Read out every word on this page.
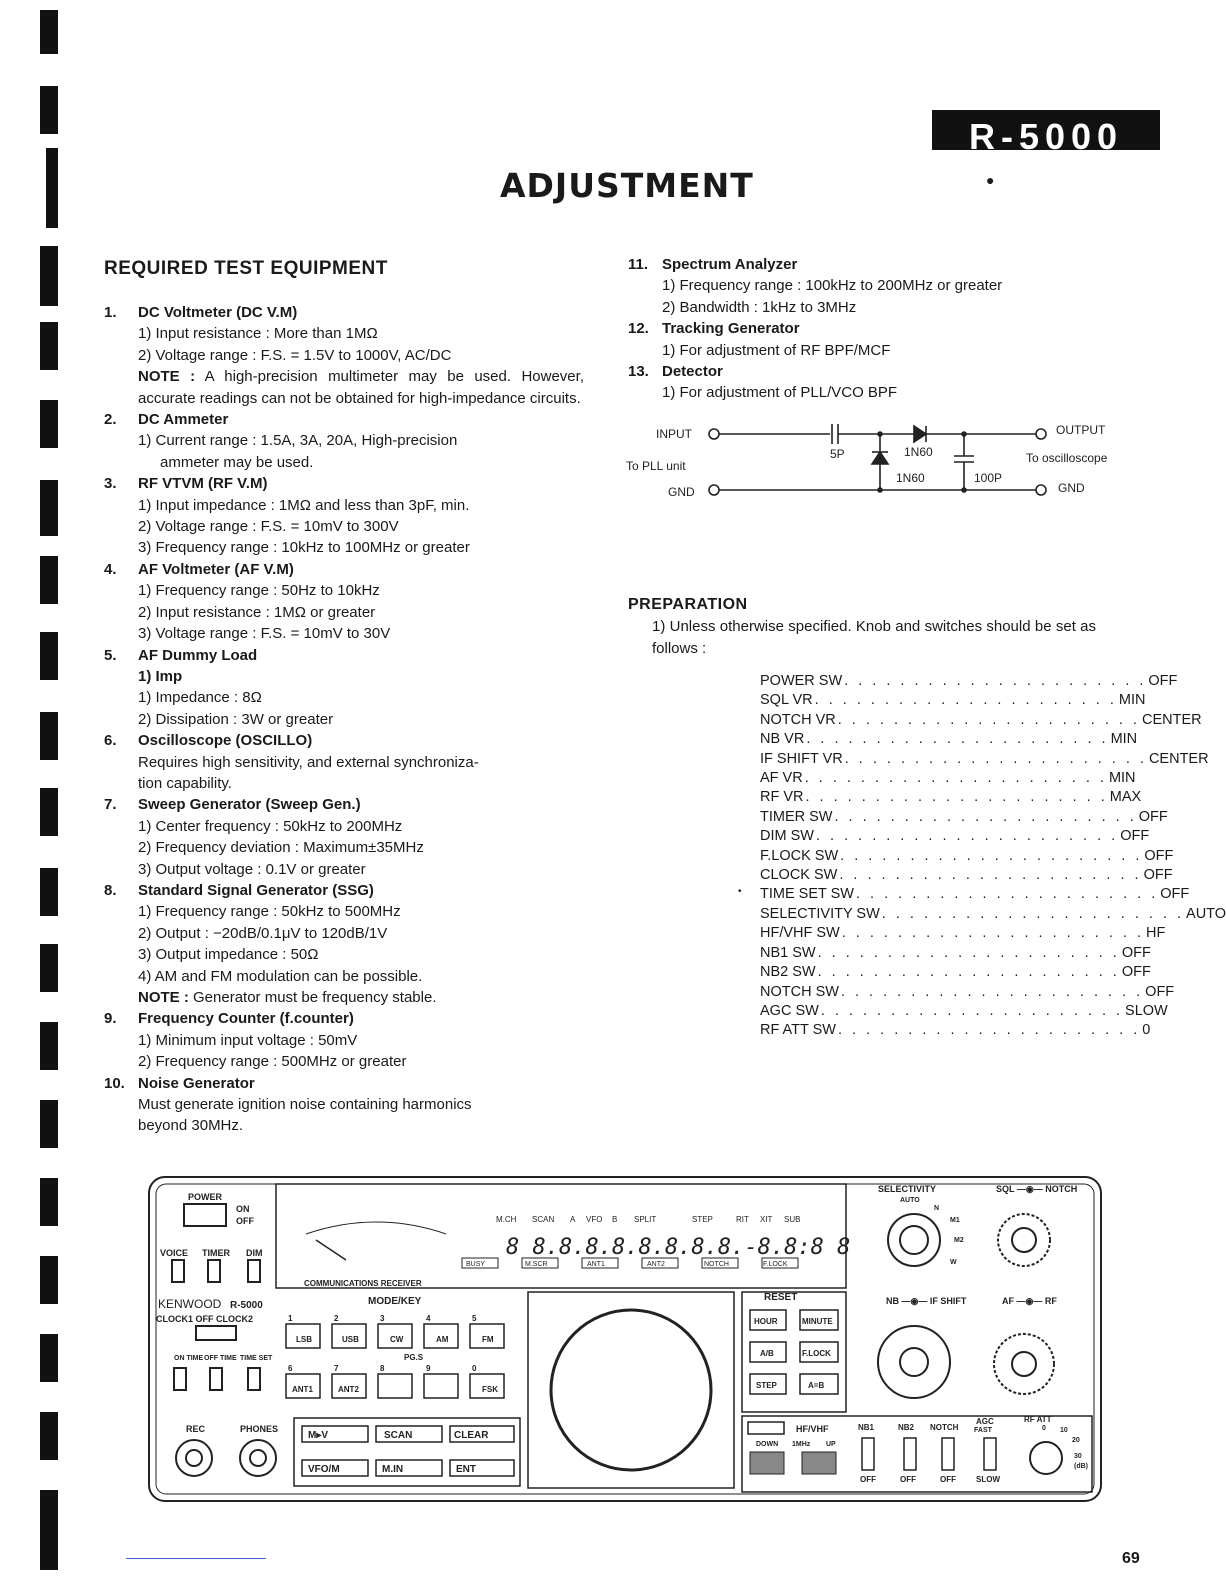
R-5000
ADJUSTMENT	●
REQUIRED TEST EQUIPMENT
1. DC Voltmeter (DC V.M)
1) Input resistance : More than 1MΩ
2) Voltage range : F.S. = 1.5V to 1000V, AC/DC
NOTE : A high-precision multimeter may be used. However, accurate readings can not be obtained for high-impedance circuits.
2. DC Ammeter
1) Current range : 1.5A, 3A, 20A, High-precision
ammeter may be used.
3. RF VTVM (RF V.M)
1) Input impedance : 1MΩ and less than 3pF, min.
2) Voltage range : F.S. = 10mV to 300V
3) Frequency range : 10kHz to 100MHz or greater
4. AF Voltmeter (AF V.M)
1) Frequency range : 50Hz to 10kHz
2) Input resistance : 1MΩ or greater
3) Voltage range : F.S. = 10mV to 30V
5. AF Dummy Load
1) Imp
1) Impedance : 8Ω
2) Dissipation : 3W or greater
6. Oscilloscope (OSCILLO)
Requires high sensitivity, and external synchroniza-
tion capability.
7. Sweep Generator (Sweep Gen.)
1) Center frequency : 50kHz to 200MHz
2) Frequency deviation : Maximum±35MHz
3) Output voltage : 0.1V or greater
8. Standard Signal Generator (SSG)
1) Frequency range : 50kHz to 500MHz
2) Output : −20dB/0.1μV to 120dB/1V
3) Output impedance : 50Ω
4) AM and FM modulation can be possible.
NOTE : Generator must be frequency stable.
9. Frequency Counter (f.counter)
1) Minimum input voltage : 50mV
2) Frequency range : 500MHz or greater
10. Noise Generator
Must generate ignition noise containing harmonics
beyond 30MHz.
11. Spectrum Analyzer
1) Frequency range : 100kHz to 200MHz or greater
2) Bandwidth : 1kHz to 3MHz
12. Tracking Generator
1) For adjustment of RF BPF/MCF
13. Detector
1) For adjustment of PLL/VCO BPF
INPUT
To PLL unit
GND
5P	1N60
1N60	100P
OUTPUT
To oscilloscope
GND
PREPARATION
1) Unless otherwise specified. Knob and switches should be set as follows :
POWER SW . . . . . . . . . . . . . . . . . . . . . . OFF
SQL VR . . . . . . . . . . . . . . . . . . . . . . MIN
NOTCH VR . . . . . . . . . . . . . . . . . . . . . . CENTER
NB VR . . . . . . . . . . . . . . . . . . . . . . MIN
IF SHIFT VR . . . . . . . . . . . . . . . . . . . . . . CENTER
AF VR . . . . . . . . . . . . . . . . . . . . . . MIN
RF VR . . . . . . . . . . . . . . . . . . . . . . MAX
TIMER SW . . . . . . . . . . . . . . . . . . . . . . OFF
DIM SW . . . . . . . . . . . . . . . . . . . . . . OFF
F.LOCK SW . . . . . . . . . . . . . . . . . . . . . . OFF
CLOCK SW . . . . . . . . . . . . . . . . . . . . . . OFF
TIME SET SW . . . . . . . . . . . . . . . . . . . . . . OFF
SELECTIVITY SW . . . . . . . . . . . . . . . . . . . . . . AUTO
HF/VHF SW . . . . . . . . . . . . . . . . . . . . . . HF
NB1 SW . . . . . . . . . . . . . . . . . . . . . . OFF
NB2 SW . . . . . . . . . . . . . . . . . . . . . . OFF
NOTCH SW . . . . . . . . . . . . . . . . . . . . . . OFF
AGC SW . . . . . . . . . . . . . . . . . . . . . . SLOW
RF ATT SW . . . . . . . . . . . . . . . . . . . . . . 0
•
POWER
ON
OFF
VOICE TIMER DIM
M.CH SCAN A VFO B SPLIT	STEP	RIT XIT SUB
8 8.8.8.8.8.8.8.8.-8.8:8 8
BUSY	M.SCR	ANT1	ANT2	NOTCH	F.LOCK
COMMUNICATIONS RECEIVER
KENWOOD R-5000	MODE/KEY
CLOCK1 OFF CLOCK2
ON TIME OFF TIME TIME SET
1
LSB
2
USB
3
CW
4
AM
5
FM
PG.S
6
ANT1
7
ANT2
8	9	0
FSK
REC	PHONES
M▸V	SCAN	CLEAR
VFO/M	M.IN	ENT
RESET
HOUR	MINUTE
A/B	F.LOCK
STEP	A=B
SELECTIVITY
AUTO
N
M1
M2
W
SQL —◉— NOTCH
NB —◉— IF SHIFT	AF —◉— RF
HF/VHF
DOWN 1MHz UP
NB1	NB2 NOTCH
AGC	RF ATT
FAST
OFF	OFF	OFF	SLOW
0 10
20
30
(dB)
69
